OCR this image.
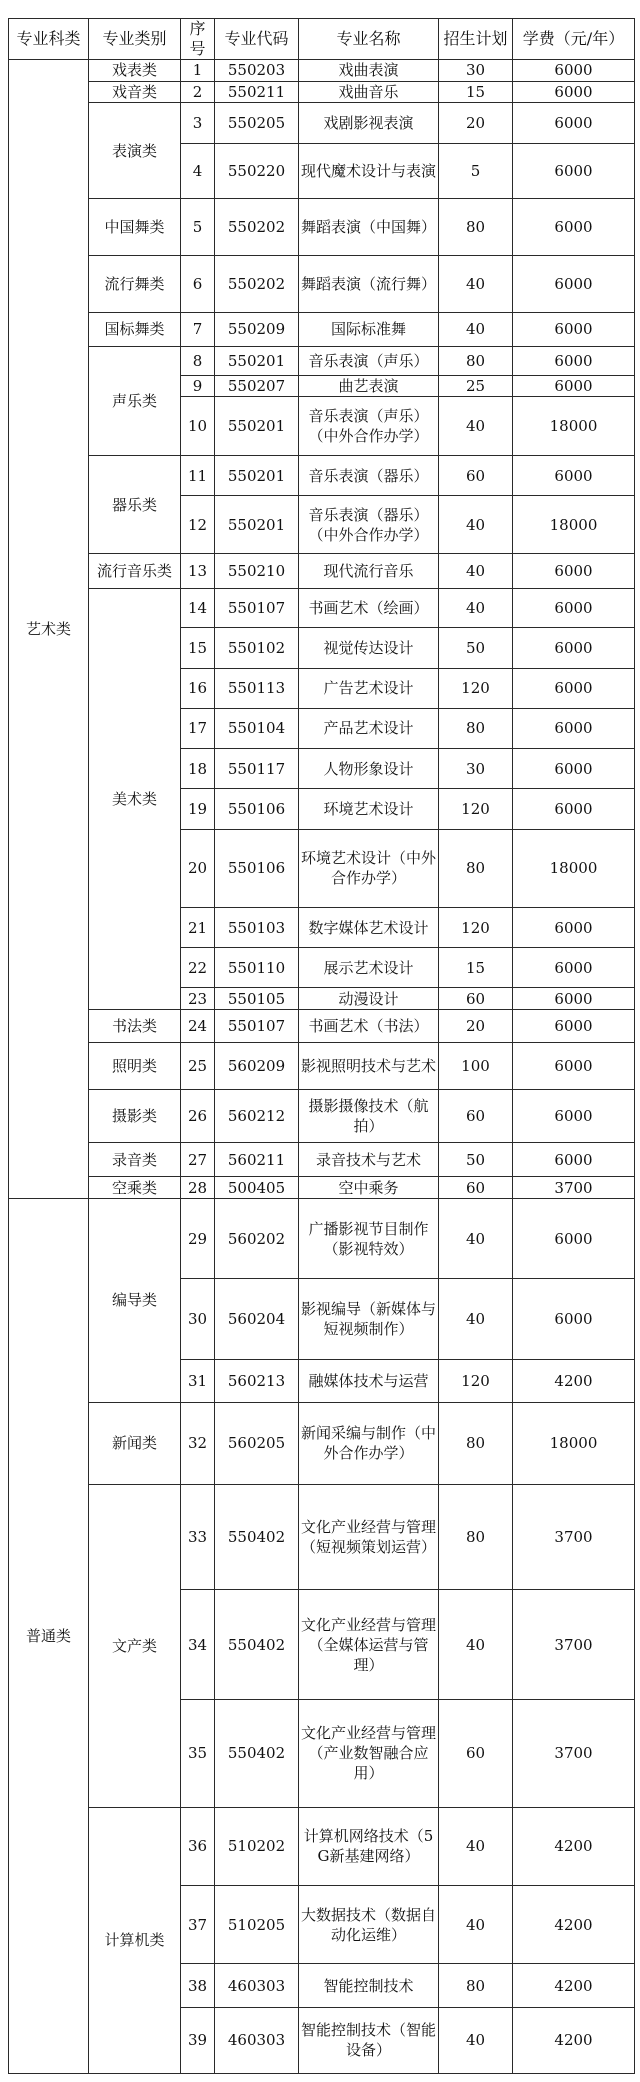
专业科类	专业类别	序号	专业代码	专业名称	招生计划	学费（元/年）
艺术类	戏表类	1	550203	戏曲表演	30	6000
	戏音类	2	550211	戏曲音乐	15	6000
	表演类	3	550205	戏剧影视表演	20	6000
		4	550220	现代魔术设计与表演	5	6000
	中国舞类	5	550202	舞蹈表演（中国舞）	80	6000
	流行舞类	6	550202	舞蹈表演（流行舞）	40	6000
	国标舞类	7	550209	国际标准舞	40	6000
	声乐类	8	550201	音乐表演（声乐）	80	6000
		9	550207	曲艺表演	25	6000
		10	550201	音乐表演（声乐）（中外合作办学）	40	18000
	器乐类	11	550201	音乐表演（器乐）	60	6000
		12	550201	音乐表演（器乐）（中外合作办学）	40	18000
	流行音乐类	13	550210	现代流行音乐	40	6000
	美术类	14	550107	书画艺术（绘画）	40	6000
		15	550102	视觉传达设计	50	6000
		16	550113	广告艺术设计	120	6000
		17	550104	产品艺术设计	80	6000
		18	550117	人物形象设计	30	6000
		19	550106	环境艺术设计	120	6000
		20	550106	环境艺术设计（中外合作办学）	80	18000
		21	550103	数字媒体艺术设计	120	6000
		22	550110	展示艺术设计	15	6000
		23	550105	动漫设计	60	6000
	书法类	24	550107	书画艺术（书法）	20	6000
	照明类	25	560209	影视照明技术与艺术	100	6000
	摄影类	26	560212	摄影摄像技术（航拍）	60	6000
	录音类	27	560211	录音技术与艺术	50	6000
	空乘类	28	500405	空中乘务	60	3700
普通类	编导类	29	560202	广播影视节目制作（影视特效）	40	6000
		30	560204	影视编导（新媒体与短视频制作）	40	6000
		31	560213	融媒体技术与运营	120	4200
	新闻类	32	560205	新闻采编与制作（中外合作办学）	80	18000
	文产类	33	550402	文化产业经营与管理（短视频策划运营）	80	3700
		34	550402	文化产业经营与管理（全媒体运营与管理）	40	3700
		35	550402	文化产业经营与管理（产业数智融合应用）	60	3700
	计算机类	36	510202	计算机网络技术（5G新基建网络）	40	4200
		37	510205	大数据技术（数据自动化运维）	40	4200
		38	460303	智能控制技术	80	4200
		39	460303	智能控制技术（智能设备）	40	4200
